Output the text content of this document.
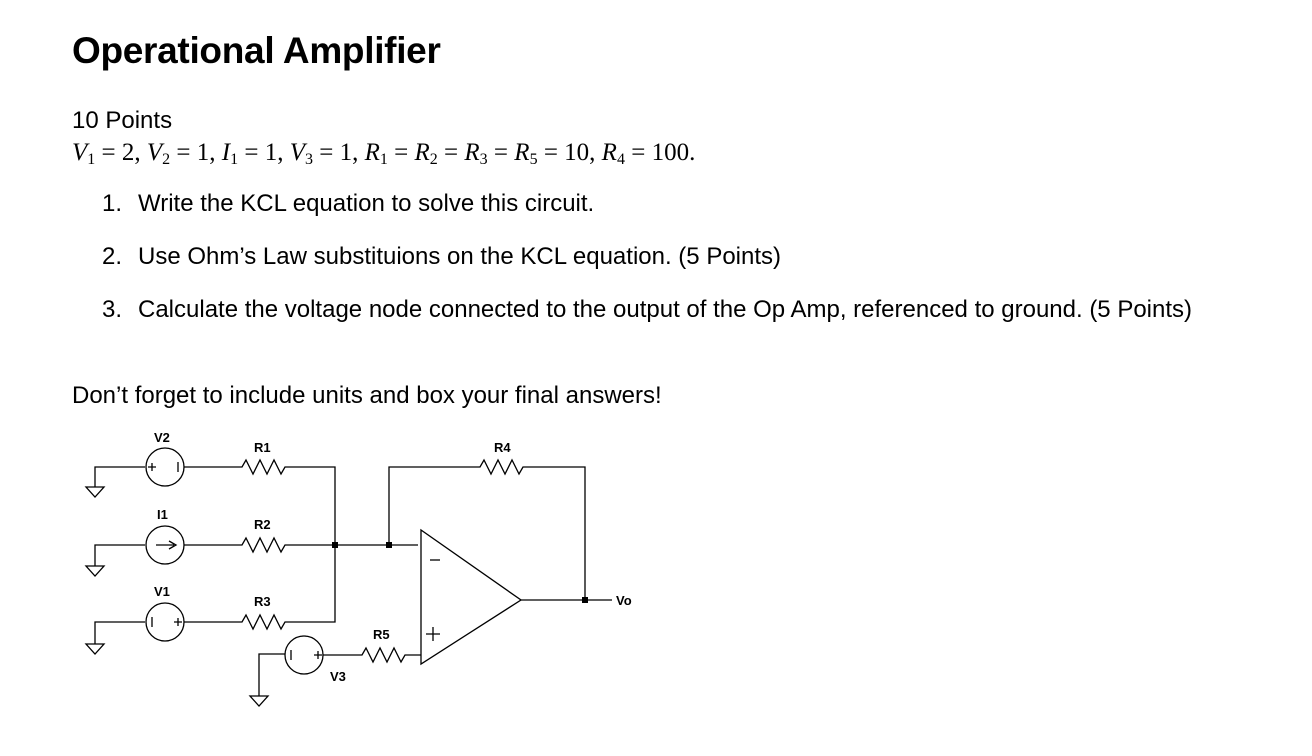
Operational Amplifier
10 Points
$V_1 = 2$, $V_2 = 1$, $I_1 = 1$, $V_3 = 1$, $R_1 = R_2 = R_3 = R_5 = 10$, $R_4 = 100$.
1. Write the KCL equation to solve this circuit.
2. Use Ohm’s Law substituions on the KCL equation. (5 Points)
3. Calculate the voltage node connected to the output of the Op Amp, referenced to ground. (5 Points)
Don’t forget to include units and box your final answers!
V2
R1
I1
R2
V1
R3
R4
Vo
V3
R5
